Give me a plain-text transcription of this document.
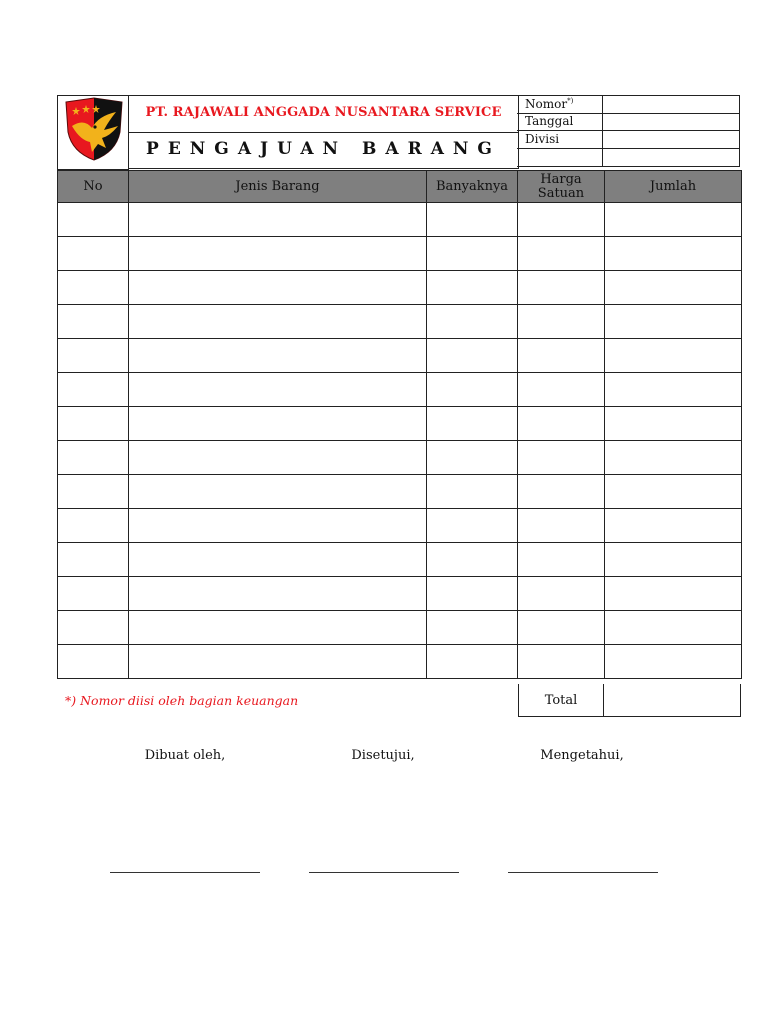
PT. RAJAWALI ANGGADA NUSANTARA SERVICE
PENGAJUAN BARANG
Nomor*)
Tanggal
Divisi
No	Jenis Barang	Banyaknya	Harga Satuan	Jumlah

*) Nomor diisi oleh bagian keuangan	Total
Dibuat oleh,	Disetujui,	Mengetahui,
